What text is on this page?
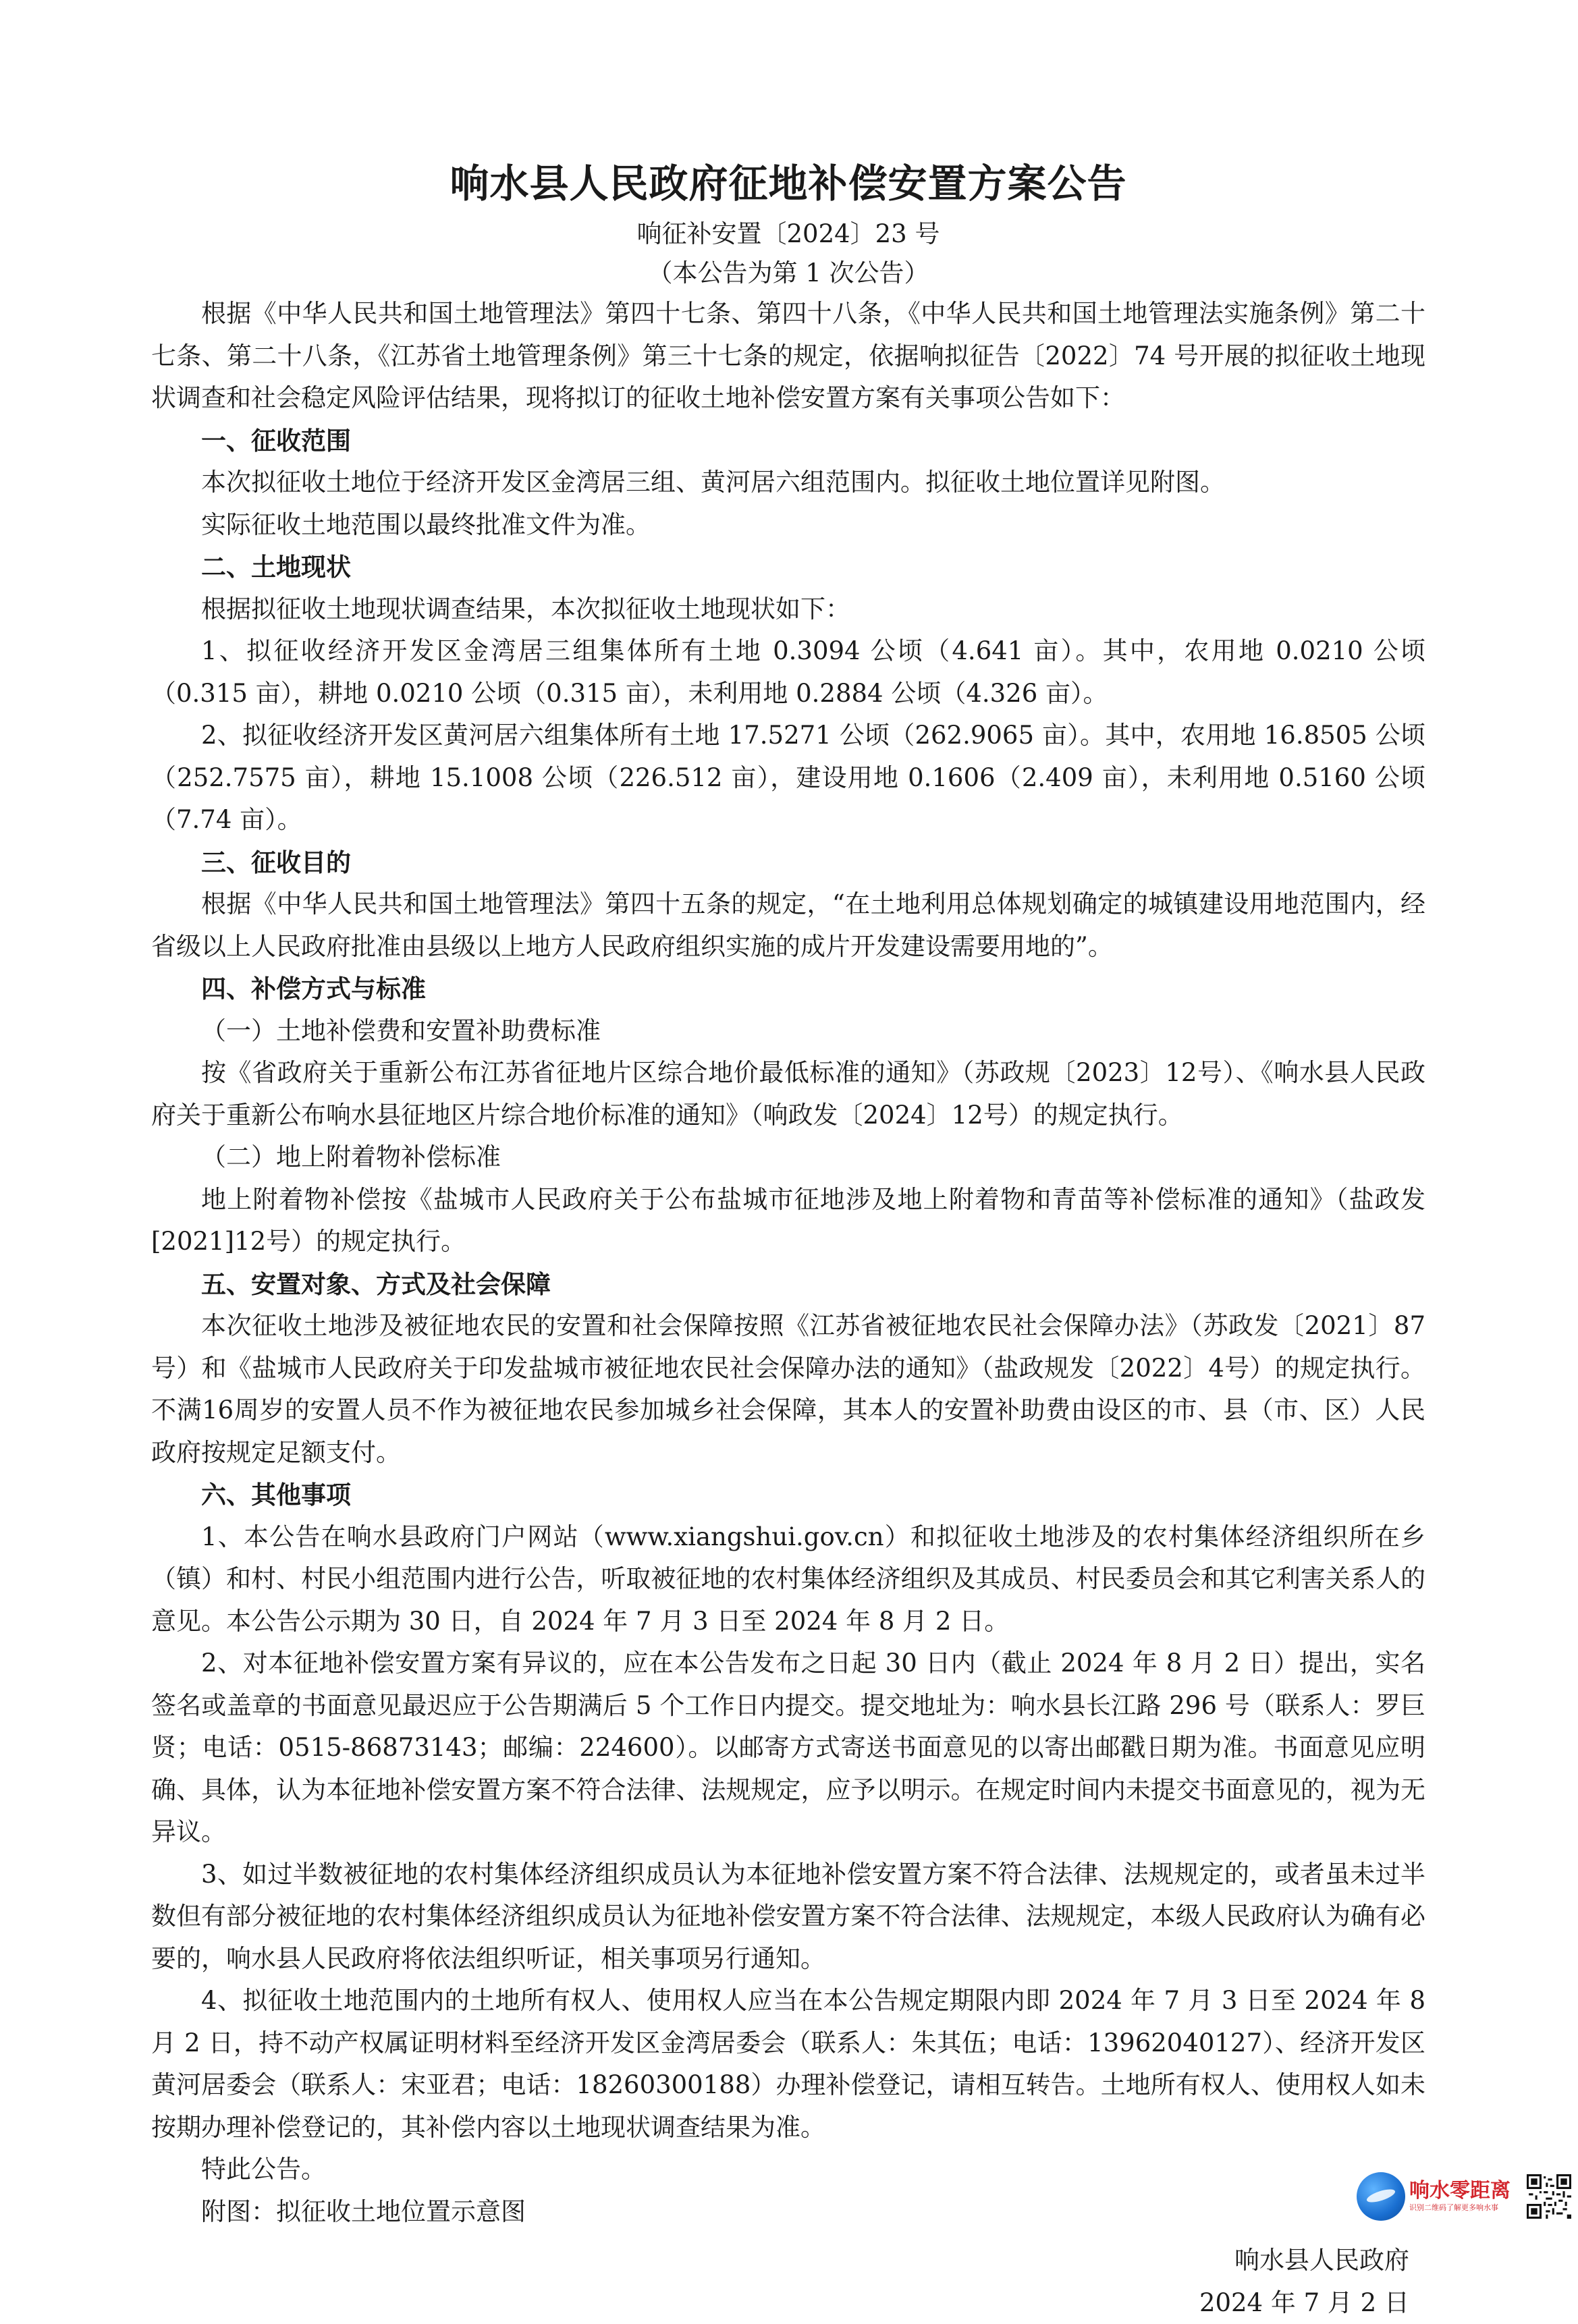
响水县人民政府征地补偿安置方案公告
响征补安置〔2024〕23 号
（本公告为第 1 次公告）

根据《中华人民共和国土地管理法》第四十七条、第四十八条，《中华人民共和国土地管理法实施条例》第二十七条、第二十八条，《江苏省土地管理条例》第三十七条的规定，依据响拟征告〔2022〕74 号开展的拟征收土地现状调查和社会稳定风险评估结果，现将拟订的征收土地补偿安置方案有关事项公告如下：

一、征收范围

本次拟征收土地位于经济开发区金湾居三组、黄河居六组范围内。拟征收土地位置详见附图。

实际征收土地范围以最终批准文件为准。

二、土地现状

根据拟征收土地现状调查结果，本次拟征收土地现状如下：

1、拟征收经济开发区金湾居三组集体所有土地 0.3094 公顷（4.641 亩）。其中，农用地 0.0210 公顷（0.315 亩），耕地 0.0210 公顷（0.315 亩），未利用地 0.2884 公顷（4.326 亩）。

2、拟征收经济开发区黄河居六组集体所有土地 17.5271 公顷（262.9065 亩）。其中，农用地 16.8505 公顷（252.7575 亩），耕地 15.1008 公顷（226.512 亩），建设用地 0.1606（2.409 亩），未利用地 0.5160 公顷（7.74 亩）。

三、征收目的

根据《中华人民共和国土地管理法》第四十五条的规定，“在土地利用总体规划确定的城镇建设用地范围内，经省级以上人民政府批准由县级以上地方人民政府组织实施的成片开发建设需要用地的”。

四、补偿方式与标准

（一）土地补偿费和安置补助费标准

按《省政府关于重新公布江苏省征地片区综合地价最低标准的通知》（苏政规〔2023〕12号）、《响水县人民政府关于重新公布响水县征地区片综合地价标准的通知》（响政发〔2024〕12号）的规定执行。

（二）地上附着物补偿标准

地上附着物补偿按《盐城市人民政府关于公布盐城市征地涉及地上附着物和青苗等补偿标准的通知》（盐政发[2021]12号）的规定执行。

五、安置对象、方式及社会保障

本次征收土地涉及被征地农民的安置和社会保障按照《江苏省被征地农民社会保障办法》（苏政发〔2021〕87号）和《盐城市人民政府关于印发盐城市被征地农民社会保障办法的通知》（盐政规发〔2022〕4号）的规定执行。不满16周岁的安置人员不作为被征地农民参加城乡社会保障，其本人的安置补助费由设区的市、县（市、区）人民政府按规定足额支付。

六、其他事项

1、本公告在响水县政府门户网站（www.xiangshui.gov.cn）和拟征收土地涉及的农村集体经济组织所在乡（镇）和村、村民小组范围内进行公告，听取被征地的农村集体经济组织及其成员、村民委员会和其它利害关系人的意见。本公告公示期为 30 日，自 2024 年 7 月 3 日至 2024 年 8 月 2 日。

2、对本征地补偿安置方案有异议的，应在本公告发布之日起 30 日内（截止 2024 年 8 月 2 日）提出，实名签名或盖章的书面意见最迟应于公告期满后 5 个工作日内提交。提交地址为：响水县长江路 296 号（联系人：罗巨贤；电话：0515-86873143；邮编：224600）。以邮寄方式寄送书面意见的以寄出邮戳日期为准。书面意见应明确、具体，认为本征地补偿安置方案不符合法律、法规规定，应予以明示。在规定时间内未提交书面意见的，视为无异议。

3、如过半数被征地的农村集体经济组织成员认为本征地补偿安置方案不符合法律、法规规定的，或者虽未过半数但有部分被征地的农村集体经济组织成员认为征地补偿安置方案不符合法律、法规规定，本级人民政府认为确有必要的，响水县人民政府将依法组织听证，相关事项另行通知。

4、拟征收土地范围内的土地所有权人、使用权人应当在本公告规定期限内即 2024 年 7 月 3 日至 2024 年 8 月 2 日，持不动产权属证明材料至经济开发区金湾居委会（联系人：朱其伍；电话：13962040127）、经济开发区黄河居委会（联系人：宋亚君；电话：18260300188）办理补偿登记，请相互转告。土地所有权人、使用权人如未按期办理补偿登记的，其补偿内容以土地现状调查结果为准。

特此公告。

附图：拟征收土地位置示意图

响水县人民政府

2024 年 7 月 2 日

响水零距离
识别二维码了解更多响水事
